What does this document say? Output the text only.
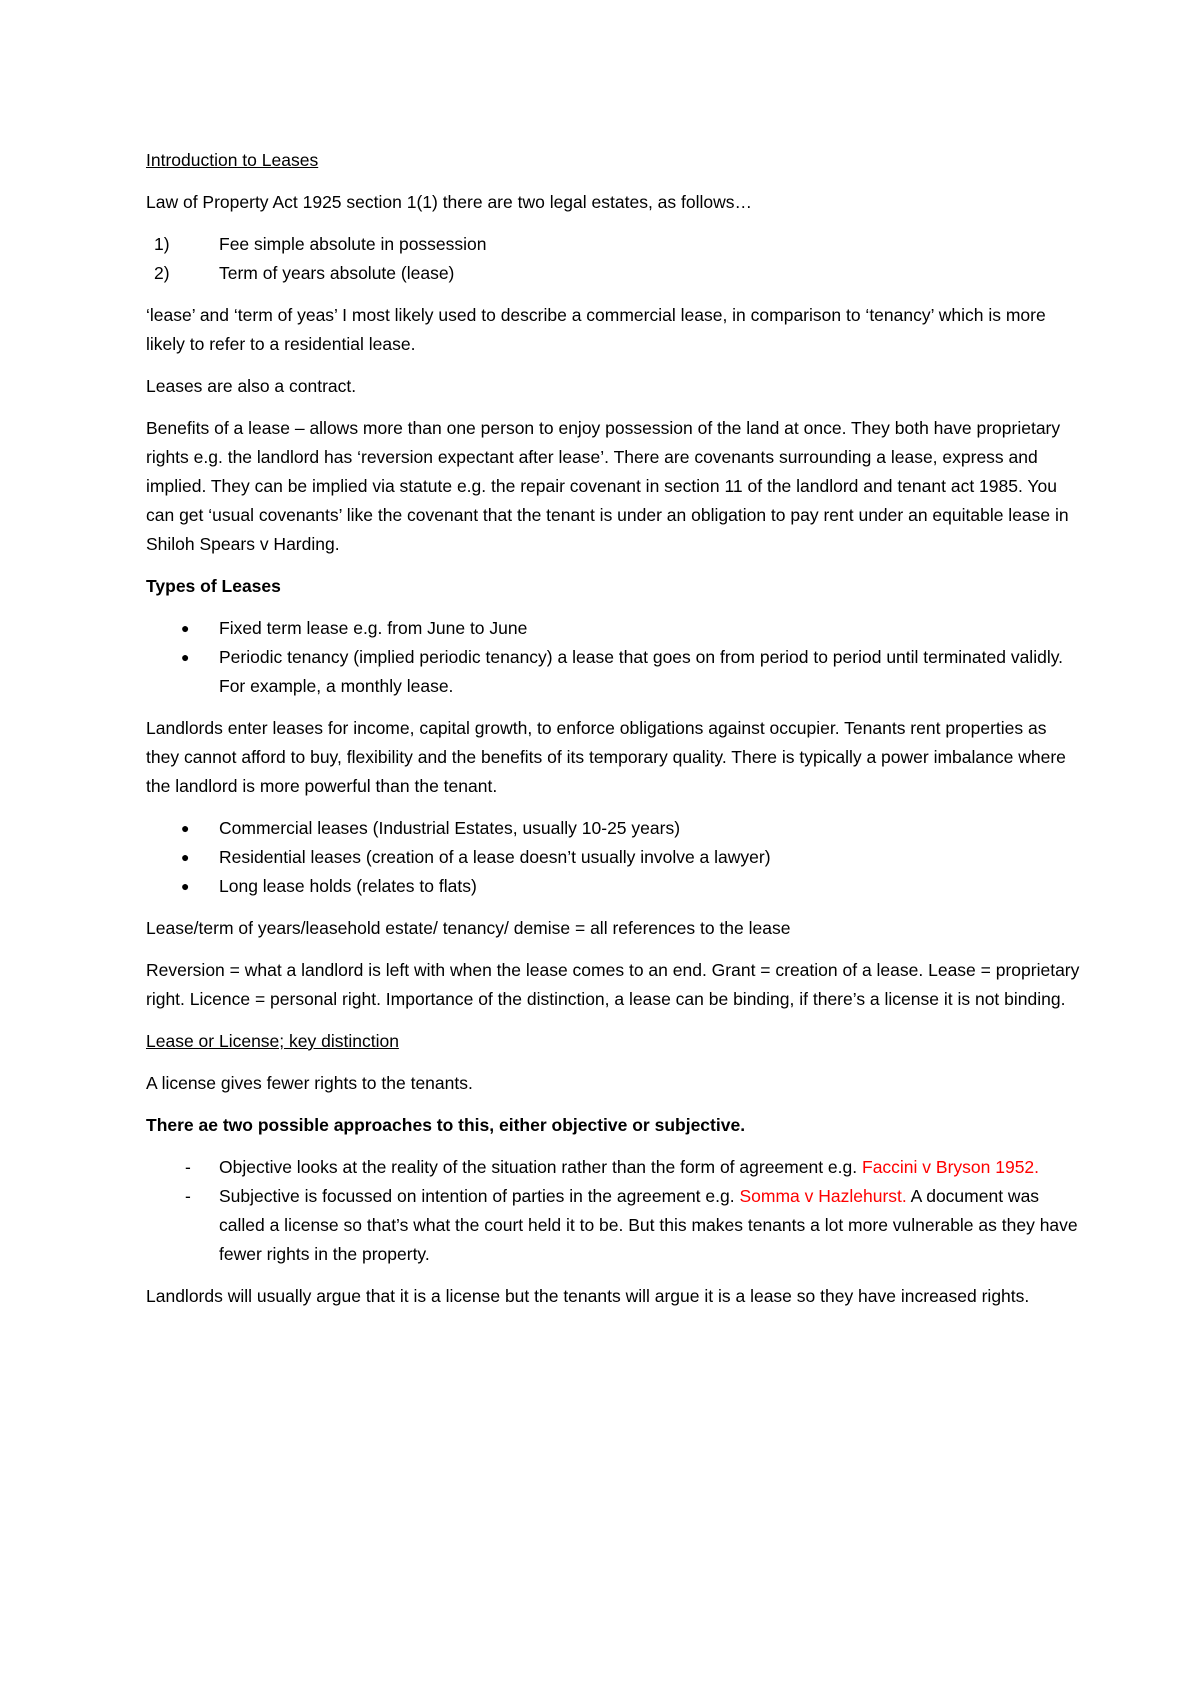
Introduction to Leases

Law of Property Act 1925 section 1(1) there are two legal estates, as follows…

1)	Fee simple absolute in possession
2)	Term of years absolute (lease)

‘lease’ and ‘term of yeas’ I most likely used to describe a commercial lease, in comparison to ‘tenancy’ which is more likely to refer to a residential lease.

Leases are also a contract.

Benefits of a lease – allows more than one person to enjoy possession of the land at once. They both have proprietary rights e.g. the landlord has ‘reversion expectant after lease’. There are covenants surrounding a lease, express and implied. They can be implied via statute e.g. the repair covenant in section 11 of the landlord and tenant act 1985. You can get ‘usual covenants’ like the covenant that the tenant is under an obligation to pay rent under an equitable lease in Shiloh Spears v Harding.

Types of Leases

● Fixed term lease e.g. from June to June
● Periodic tenancy (implied periodic tenancy) a lease that goes on from period to period until terminated validly. For example, a monthly lease.

Landlords enter leases for income, capital growth, to enforce obligations against occupier. Tenants rent properties as they cannot afford to buy, flexibility and the benefits of its temporary quality. There is typically a power imbalance where the landlord is more powerful than the tenant.

● Commercial leases (Industrial Estates, usually 10-25 years)
● Residential leases (creation of a lease doesn’t usually involve a lawyer)
● Long lease holds (relates to flats)

Lease/term of years/leasehold estate/ tenancy/ demise = all references to the lease

Reversion = what a landlord is left with when the lease comes to an end. Grant = creation of a lease. Lease = proprietary right. Licence = personal right. Importance of the distinction, a lease can be binding, if there’s a license it is not binding.

Lease or License; key distinction

A license gives fewer rights to the tenants.

There ae two possible approaches to this, either objective or subjective.

- Objective looks at the reality of the situation rather than the form of agreement e.g. Faccini v Bryson 1952.
- Subjective is focussed on intention of parties in the agreement e.g. Somma v Hazlehurst. A document was called a license so that’s what the court held it to be. But this makes tenants a lot more vulnerable as they have fewer rights in the property.

Landlords will usually argue that it is a license but the tenants will argue it is a lease so they have increased rights.
